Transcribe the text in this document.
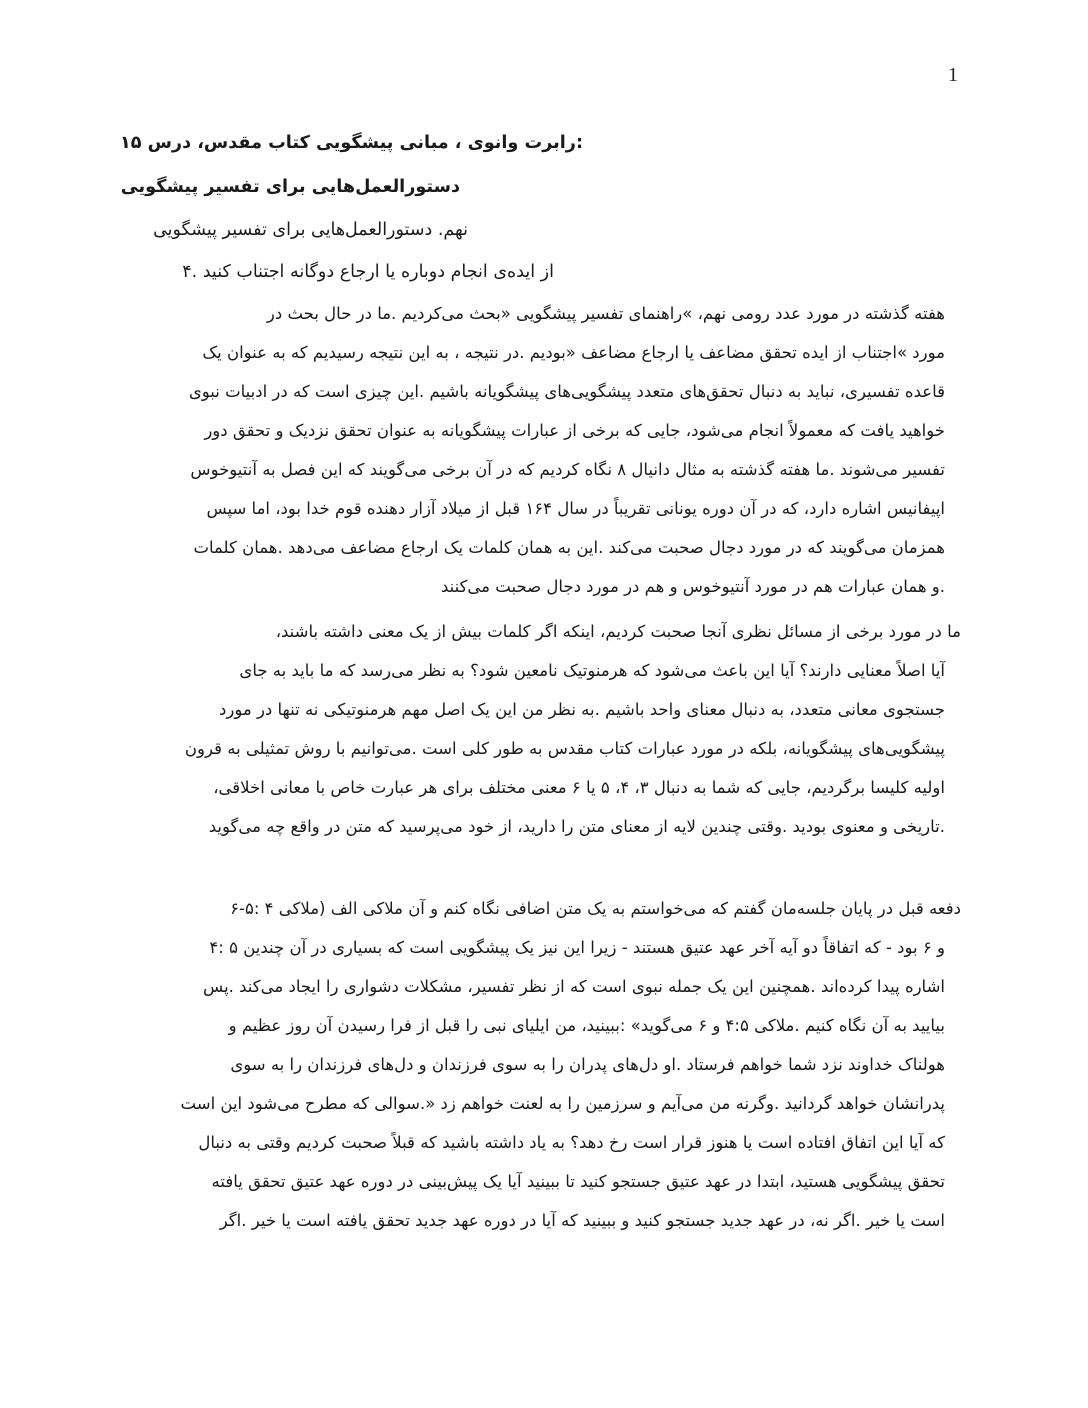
1
:رابرت وانوی ، مبانی پیشگویی کتاب مقدس، درس ۱۵
دستورالعمل‌هایی برای تفسیر پیشگویی
نهم. دستورالعمل‌هایی برای تفسیر پیشگویی
از ایده‌ی انجام دوباره یا ارجاع دوگانه اجتناب کنید .۴
هفته گذشته در مورد عدد رومی نهم، »راهنمای تفسیر پیشگویی «بحث می‌کردیم .ما در حال بحث در
مورد »اجتناب از ایده تحقق مضاعف یا ارجاع مضاعف «بودیم .در نتیجه ، به این نتیجه رسیدیم که به عنوان یک
قاعده تفسیری، نباید به دنبال تحقق‌های متعدد پیشگویی‌های پیشگویانه باشیم .این چیزی است که در ادبیات نبوی
خواهید یافت که معمولاً انجام می‌شود، جایی که برخی از عبارات پیشگویانه به عنوان تحقق نزدیک و تحقق دور
تفسیر می‌شوند .ما هفته گذشته به مثال دانیال ۸ نگاه کردیم که در آن برخی می‌گویند که این فصل به آنتیوخوس
اپیفانیس اشاره دارد، که در آن دوره یونانی تقریباً در سال ۱۶۴ قبل از میلاد آزار دهنده قوم خدا بود، اما سپس
همزمان می‌گویند که در مورد دجال صحبت می‌کند .این به همان کلمات یک ارجاع مضاعف می‌دهد .همان کلمات
.و همان عبارات هم در مورد آنتیوخوس و هم در مورد دجال صحبت می‌کنند
ما در مورد برخی از مسائل نظری آنجا صحبت کردیم، اینکه اگر کلمات بیش از یک معنی داشته باشند،
آیا اصلاً معنایی دارند؟ آیا این باعث می‌شود که هرمنوتیک نامعین شود؟ به نظر می‌رسد که ما باید به جای
جستجوی معانی متعدد، به دنبال معنای واحد باشیم .به نظر من این یک اصل مهم هرمنوتیکی نه تنها در مورد
پیشگویی‌های پیشگویانه، بلکه در مورد عبارات کتاب مقدس به طور کلی است .می‌توانیم با روش تمثیلی به قرون
اولیه کلیسا برگردیم، جایی که شما به دنبال ۳، ۴، ۵ یا ۶ معنی مختلف برای هر عبارت خاص با معانی اخلاقی،
.تاریخی و معنوی بودید .وقتی چندین لایه از معنای متن را دارید، از خود می‌پرسید که متن در واقع چه می‌گوید
دفعه قبل در پایان جلسه‌مان گفتم که می‌خواستم به یک متن اضافی نگاه کنم و آن ملاکی الف (ملاکی ۴ :۵-۶
و ۶ بود - که اتفاقاً دو آیه آخر عهد عتیق هستند - زیرا این نیز یک پیشگویی است که بسیاری در آن چندین ۵ :۴
اشاره پیدا کرده‌اند .همچنین این یک جمله نبوی است که از نظر تفسیر، مشکلات دشواری را ایجاد می‌کند .پس
بیایید به آن نگاه کنیم .ملاکی ۴:۵ و ۶ می‌گوید» :ببینید، من ایلیای نبی را قبل از فرا رسیدن آن روز عظیم و
هولناک خداوند نزد شما خواهم فرستاد .او دل‌های پدران را به سوی فرزندان و دل‌های فرزندان را به سوی
پدرانشان خواهد گردانید .وگرنه من می‌آیم و سرزمین را به لعنت خواهم زد «.سوالی که مطرح می‌شود این است
که آیا این اتفاق افتاده است یا هنوز قرار است رخ دهد؟ به یاد داشته باشید که قبلاً صحبت کردیم وقتی به دنبال
تحقق پیشگویی هستید، ابتدا در عهد عتیق جستجو کنید تا ببینید آیا یک پیش‌بینی در دوره عهد عتیق تحقق یافته
است یا خیر .اگر نه، در عهد جدید جستجو کنید و ببینید که آیا در دوره عهد جدید تحقق یافته است یا خیر .اگر
